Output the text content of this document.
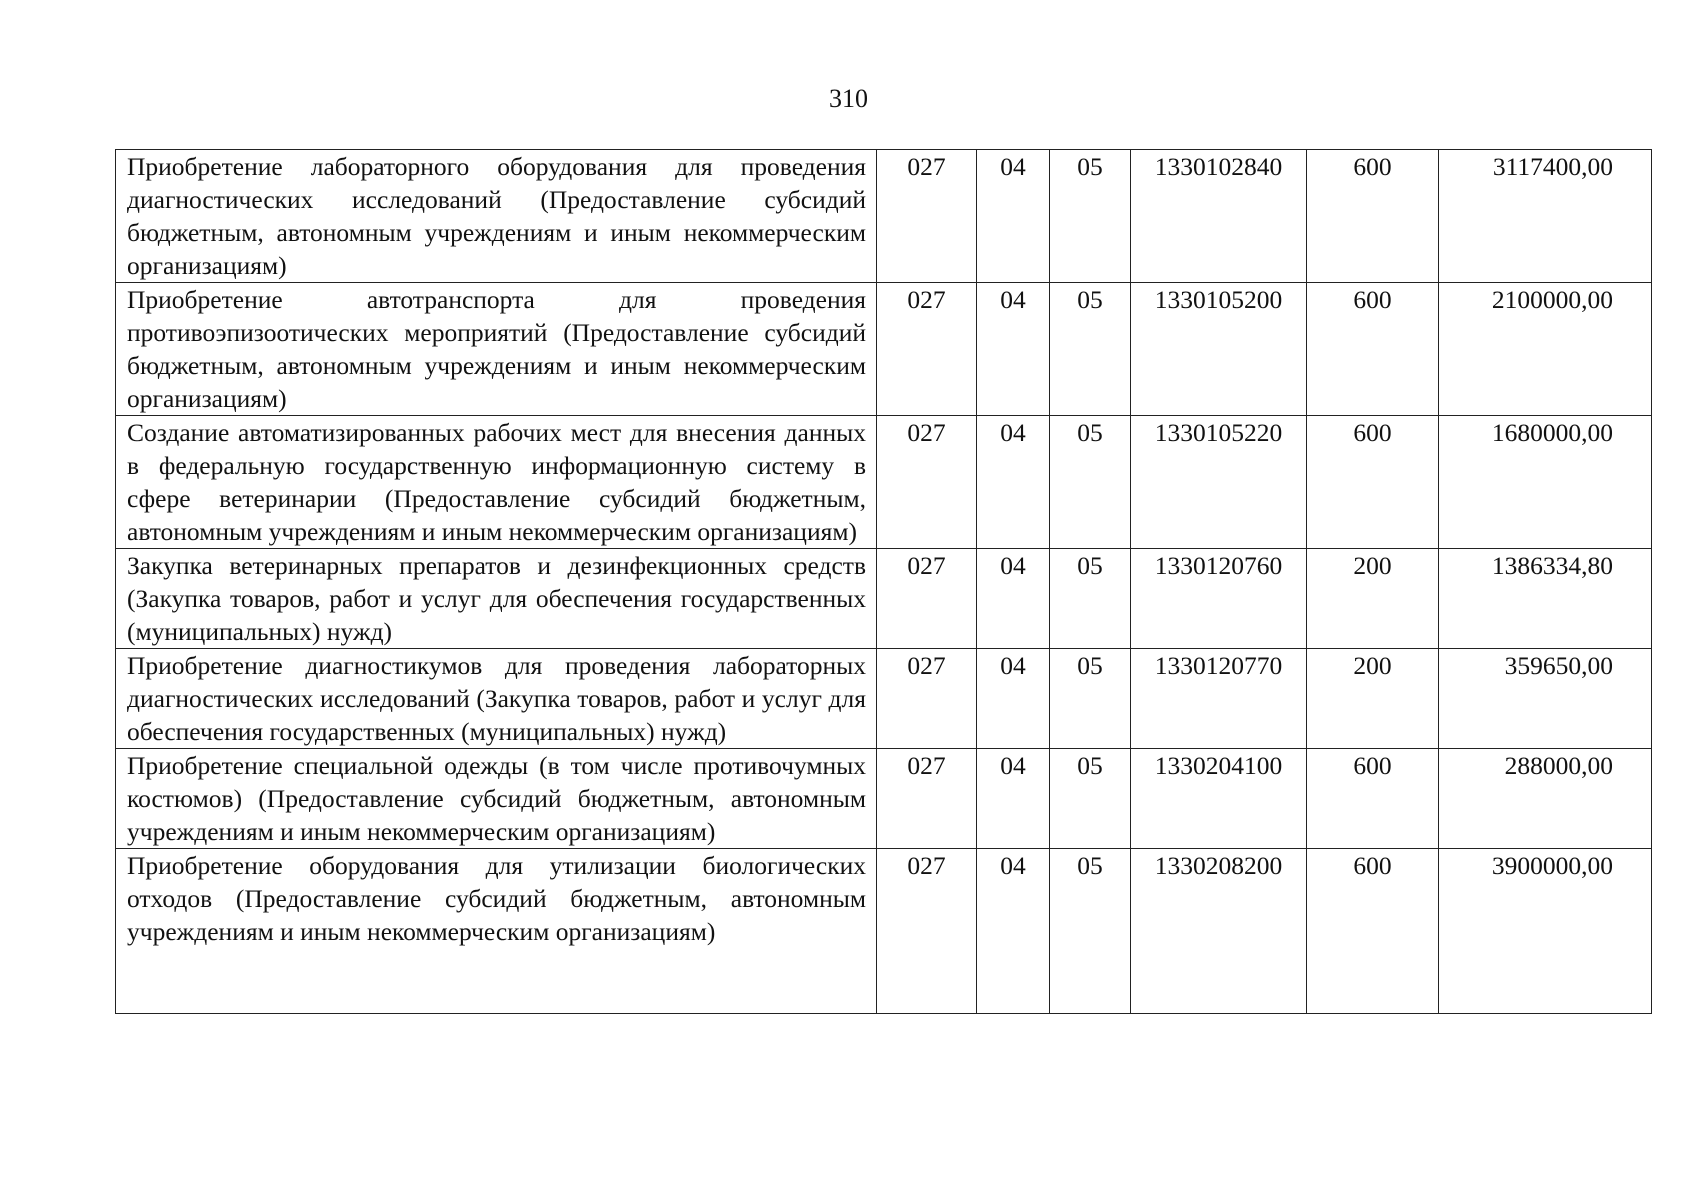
310
Приобретение лабораторного оборудования для проведения диагностических исследований (Предоставление субсидий бюджетным, автономным учреждениям и иным некоммерческим организациям)	027	04	05	1330102840	600	3117400,00
Приобретение автотранспорта для проведения противоэпизоотических мероприятий (Предоставление субсидий бюджетным, автономным учреждениям и иным некоммерческим организациям)	027	04	05	1330105200	600	2100000,00
Создание автоматизированных рабочих мест для внесения данных в федеральную государственную информационную систему в сфере ветеринарии (Предоставление субсидий бюджетным, автономным учреждениям и иным некоммерческим организациям)	027	04	05	1330105220	600	1680000,00
Закупка ветеринарных препаратов и дезинфекционных средств (Закупка товаров, работ и услуг для обеспечения государственных (муниципальных) нужд)	027	04	05	1330120760	200	1386334,80
Приобретение диагностикумов для проведения лабораторных диагностических исследований (Закупка товаров, работ и услуг для обеспечения государственных (муниципальных) нужд)	027	04	05	1330120770	200	359650,00
Приобретение специальной одежды (в том числе противочумных костюмов) (Предоставление субсидий бюджетным, автономным учреждениям и иным некоммерческим организациям)	027	04	05	1330204100	600	288000,00
Приобретение оборудования для утилизации биологических отходов (Предоставление субсидий бюджетным, автономным учреждениям и иным некоммерческим организациям)	027	04	05	1330208200	600	3900000,00
